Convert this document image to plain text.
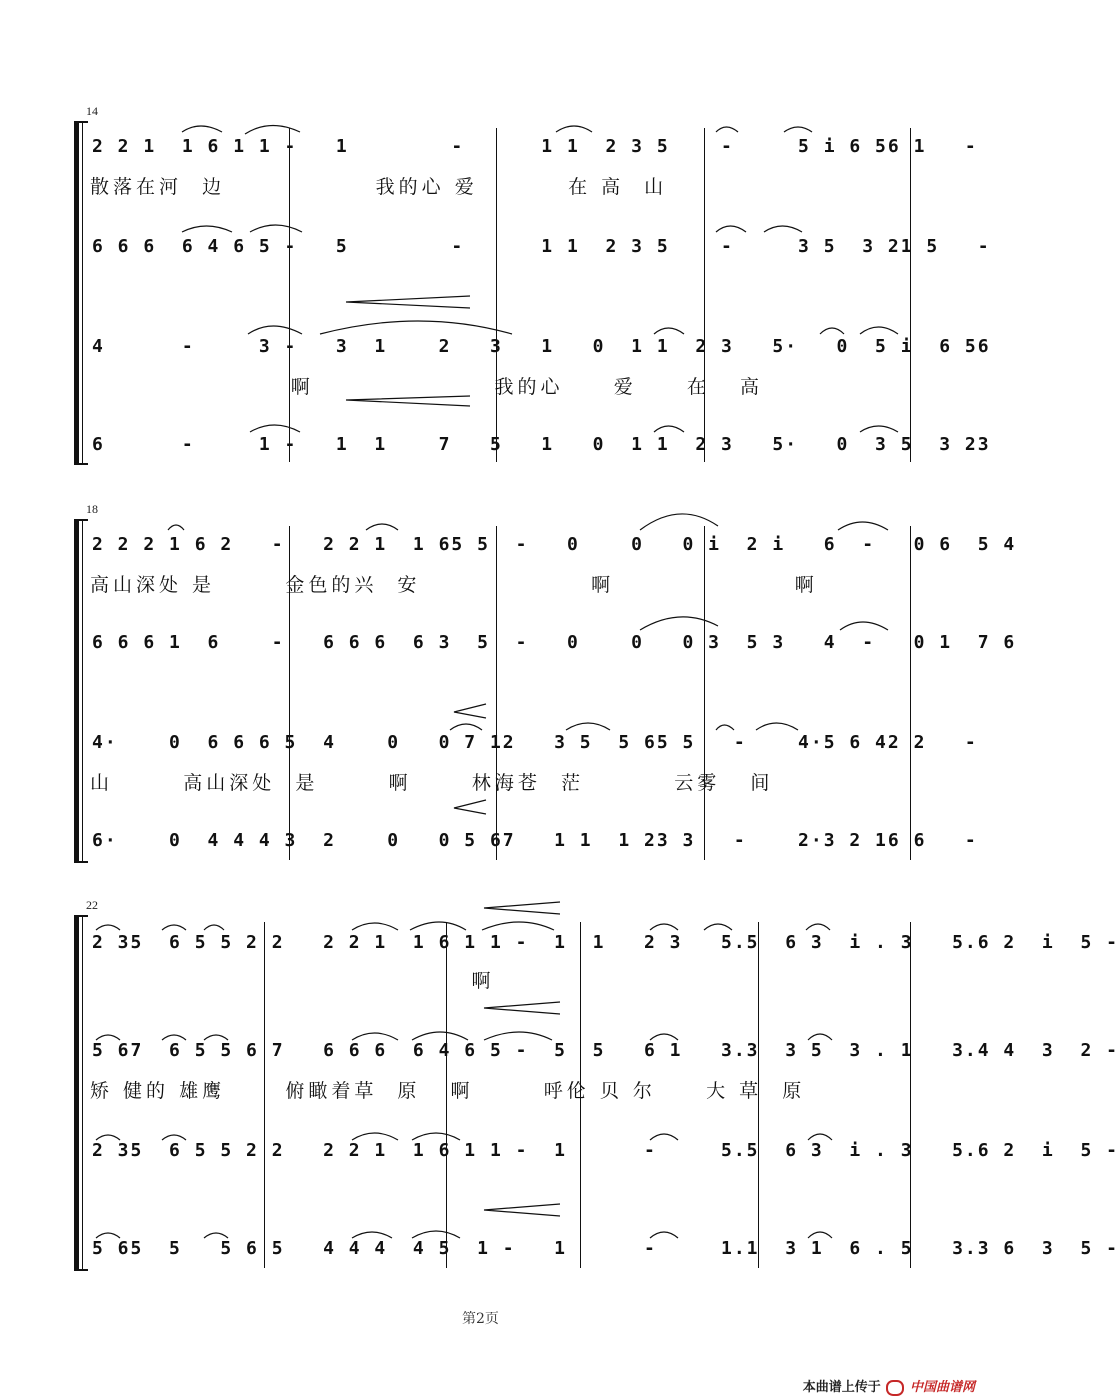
14
2 2 1  1 6 1 1 -   1        -      1 1  2 3 5    -     5 i 6 56 1   -
散落在河  边               我的心 爱         在 高  山
6 6 6  6 4 6 5 -   5        -      1 1  2 3 5    -     3 5  3 21 5   -
4      -     3 -   3  1    2   3   1   0  1 1  2 3   5·   0  5 i  6 56
啊                  我的心     爱     在   高
6      -     1 -   1  1    7   5   1   0  1 1  2 3   5·   0  3 5  3 23
18
2 2 2 1 6 2   -   2 2 1  1 65 5  -   0    0   0 i  2 i   6  -   0 6  5 4
高山深处 是       金色的兴  安                 啊                  啊
6 6 6 1  6    -   6 6 6  6 3  5  -   0    0   0 3  5 3   4  -   0 1  7 6
4·    0  6 6 6 5  4    0   0 7 12   3 5  5 65 5   -    4·5 6 42 2   -
山       高山深处  是       啊      林海苍  茫         云雾   间
6·    0  4 4 4 3  2    0   0 5 67   1 1  1 23 3   -    2·3 2 16 6   -
22
2 35  6 5 5 2 2   2 2 1  1 6 1 1 -  1  1   2 3   5.5  6 3  i . 3   5.6 2  i  5 -
啊
5 67  6 5 5 6 7   6 6 6  6 4 6 5 -  5  5   6 1   3.3  3 5  3 . 1   3.4 4  3  2 -
矫 健的 雄鹰      俯瞰着草  原   啊       呼伦 贝 尔     大 草  原
2 35  6 5 5 2 2   2 2 1  1 6 1 1 -  1      -     5.5  6 3  i . 3   5.6 2  i  5 -
5 65  5   5 6 5   4 4 4  4 5  1 -   1      -     1.1  3 1  6 . 5   3.3 6  3  5 -
第2页
本曲谱上传于 中国曲谱网
